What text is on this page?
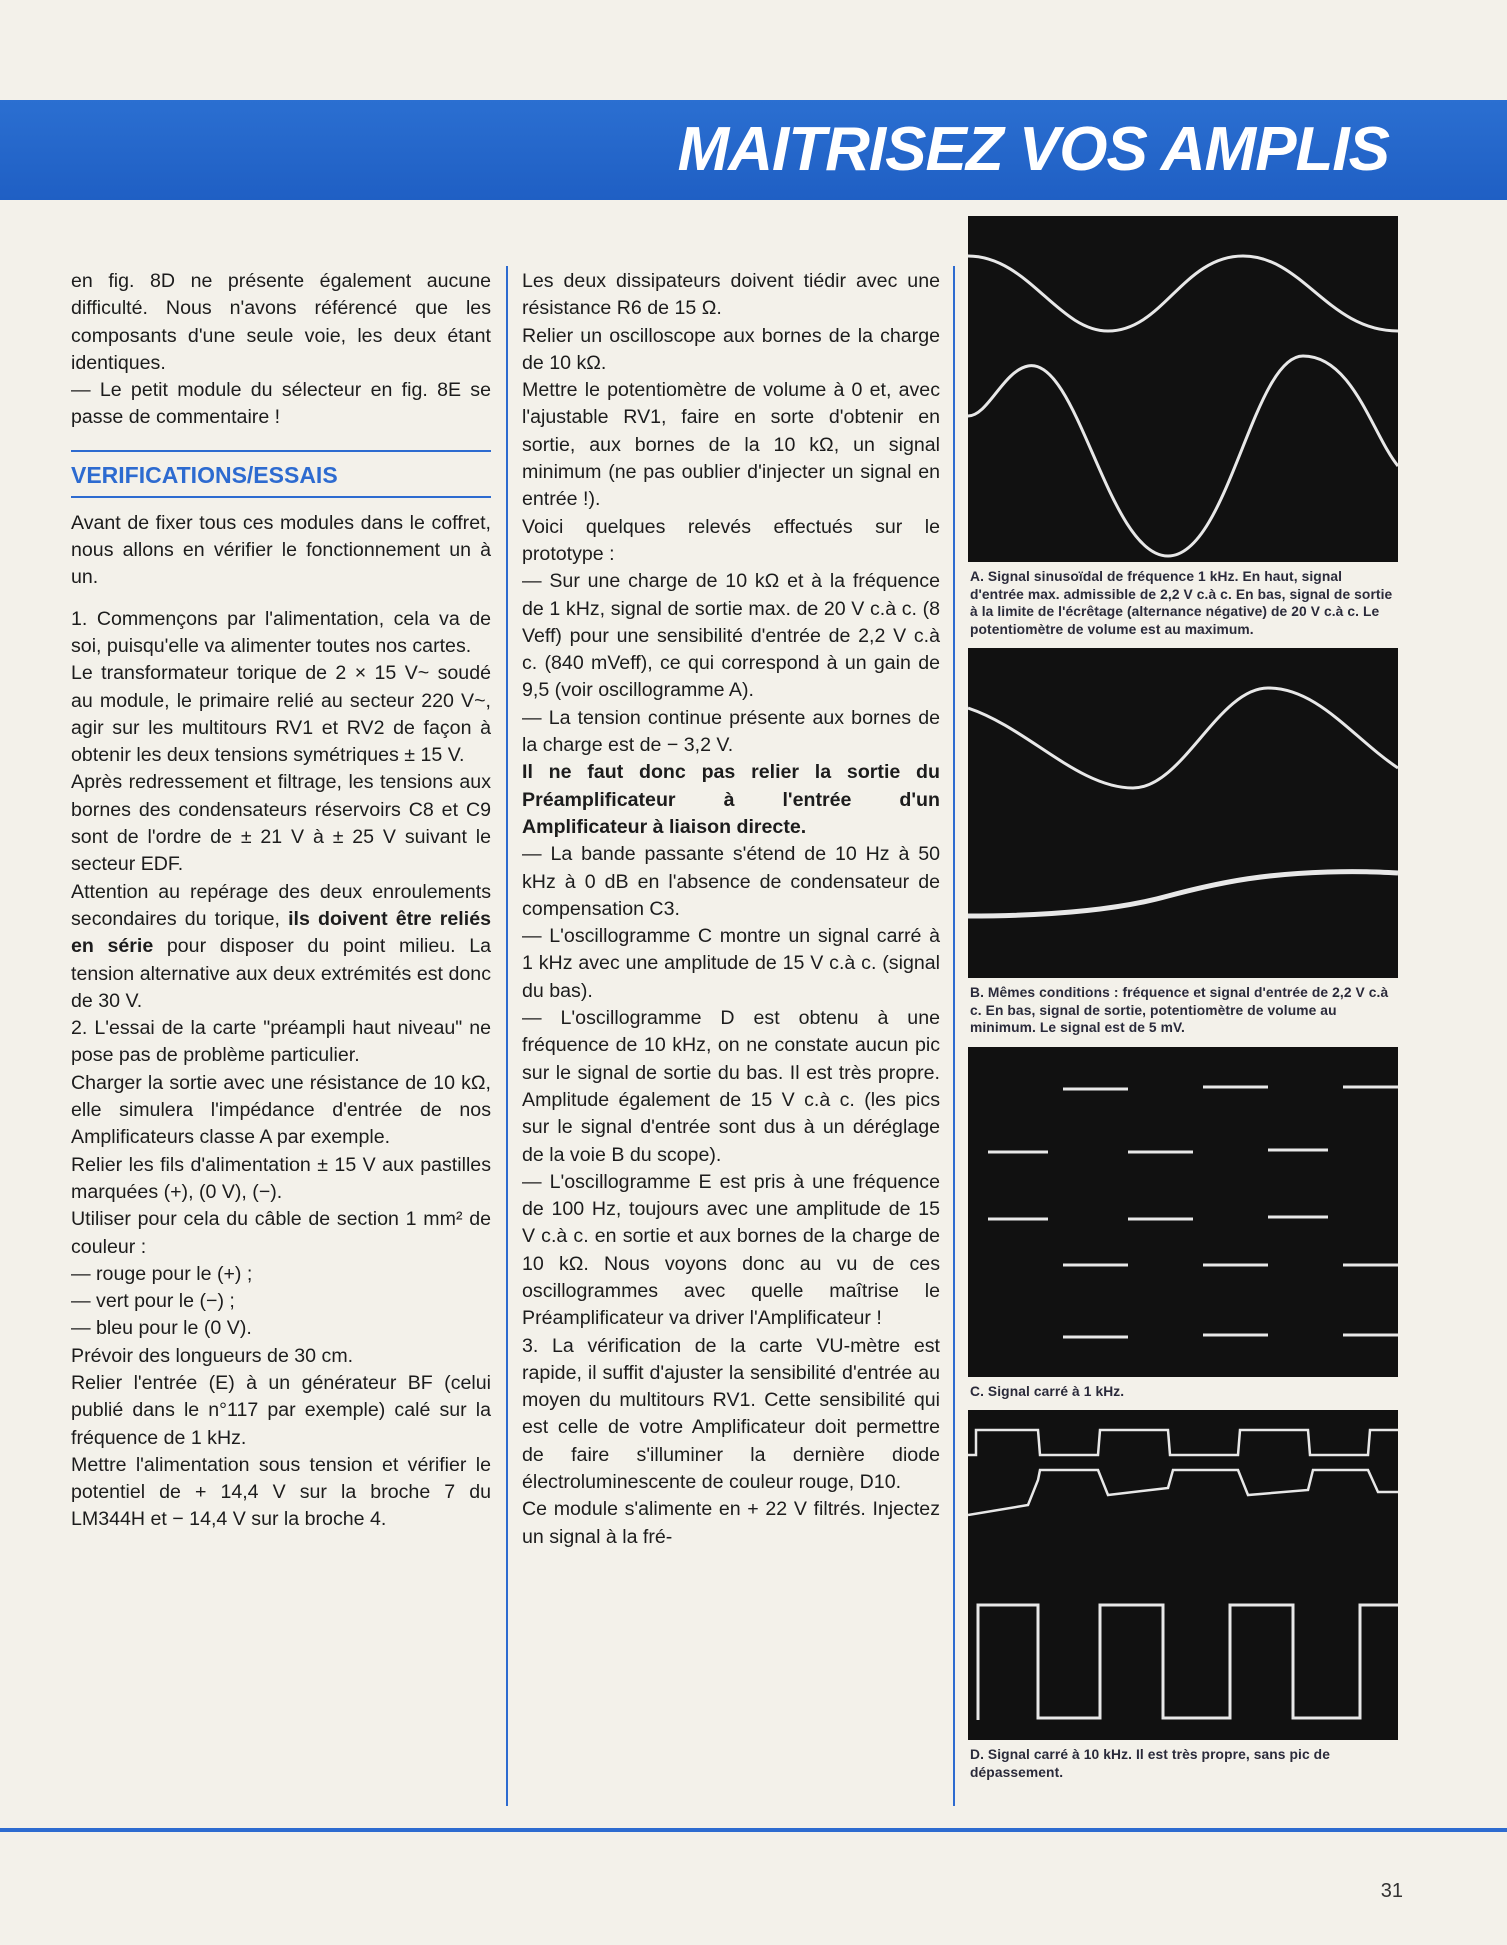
MAITRISEZ VOS AMPLIS

en fig. 8D ne présente également aucune difficulté. Nous n'avons référencé que les composants d'une seule voie, les deux étant identiques.

— Le petit module du sélecteur en fig. 8E se passe de commentaire !

VERIFICATIONS/ESSAIS

Avant de fixer tous ces modules dans le coffret, nous allons en vérifier le fonctionnement un à un.

1. Commençons par l'alimentation, cela va de soi, puisqu'elle va alimenter toutes nos cartes.

Le transformateur torique de 2 × 15 V~ soudé au module, le primaire relié au secteur 220 V~, agir sur les multitours RV1 et RV2 de façon à obtenir les deux tensions symétriques ± 15 V.

Après redressement et filtrage, les tensions aux bornes des condensateurs réservoirs C8 et C9 sont de l'ordre de ± 21 V à ± 25 V suivant le secteur EDF.

Attention au repérage des deux enroulements secondaires du torique, ils doivent être reliés en série pour disposer du point milieu. La tension alternative aux deux extrémités est donc de 30 V.

2. L'essai de la carte "préampli haut niveau" ne pose pas de problème particulier.

Charger la sortie avec une résistance de 10 kΩ, elle simulera l'impédance d'entrée de nos Amplificateurs classe A par exemple.

Relier les fils d'alimentation ± 15 V aux pastilles marquées (+), (0 V), (−).

Utiliser pour cela du câble de section 1 mm² de couleur :

— rouge pour le (+) ;

— vert pour le (−) ;

— bleu pour le (0 V).

Prévoir des longueurs de 30 cm.

Relier l'entrée (E) à un générateur BF (celui publié dans le n°117 par exemple) calé sur la fréquence de 1 kHz.

Mettre l'alimentation sous tension et vérifier le potentiel de + 14,4 V sur la broche 7 du LM344H et − 14,4 V sur la broche 4.

Les deux dissipateurs doivent tiédir avec une résistance R6 de 15 Ω.

Relier un oscilloscope aux bornes de la charge de 10 kΩ.

Mettre le potentiomètre de volume à 0 et, avec l'ajustable RV1, faire en sorte d'obtenir en sortie, aux bornes de la 10 kΩ, un signal minimum (ne pas oublier d'injecter un signal en entrée !).

Voici quelques relevés effectués sur le prototype :

— Sur une charge de 10 kΩ et à la fréquence de 1 kHz, signal de sortie max. de 20 V c.à c. (8 Veff) pour une sensibilité d'entrée de 2,2 V c.à c. (840 mVeff), ce qui correspond à un gain de 9,5 (voir oscillogramme A).

— La tension continue présente aux bornes de la charge est de − 3,2 V.

Il ne faut donc pas relier la sortie du Préamplificateur à l'entrée d'un Amplificateur à liaison directe.

— La bande passante s'étend de 10 Hz à 50 kHz à 0 dB en l'absence de condensateur de compensation C3.

— L'oscillogramme C montre un signal carré à 1 kHz avec une amplitude de 15 V c.à c. (signal du bas).

— L'oscillogramme D est obtenu à une fréquence de 10 kHz, on ne constate aucun pic sur le signal de sortie du bas. Il est très propre. Amplitude également de 15 V c.à c. (les pics sur le signal d'entrée sont dus à un déréglage de la voie B du scope).

— L'oscillogramme E est pris à une fréquence de 100 Hz, toujours avec une amplitude de 15 V c.à c. en sortie et aux bornes de la charge de 10 kΩ. Nous voyons donc au vu de ces oscillogrammes avec quelle maîtrise le Préamplificateur va driver l'Amplificateur !

3. La vérification de la carte VU-mètre est rapide, il suffit d'ajuster la sensibilité d'entrée au moyen du multitours RV1. Cette sensibilité qui est celle de votre Amplificateur doit permettre de faire s'illuminer la dernière diode électroluminescente de couleur rouge, D10.

Ce module s'alimente en + 22 V filtrés. Injectez un signal à la fré-

A. Signal sinusoïdal de fréquence 1 kHz. En haut, signal d'entrée max. admissible de 2,2 V c.à c. En bas, signal de sortie à la limite de l'écrêtage (alternance négative) de 20 V c.à c. Le potentiomètre de volume est au maximum.
B. Mêmes conditions : fréquence et signal d'entrée de 2,2 V c.à c. En bas, signal de sortie, potentiomètre de volume au minimum. Le signal est de 5 mV.
C. Signal carré à 1 kHz.
D. Signal carré à 10 kHz. Il est très propre, sans pic de dépassement.
31
